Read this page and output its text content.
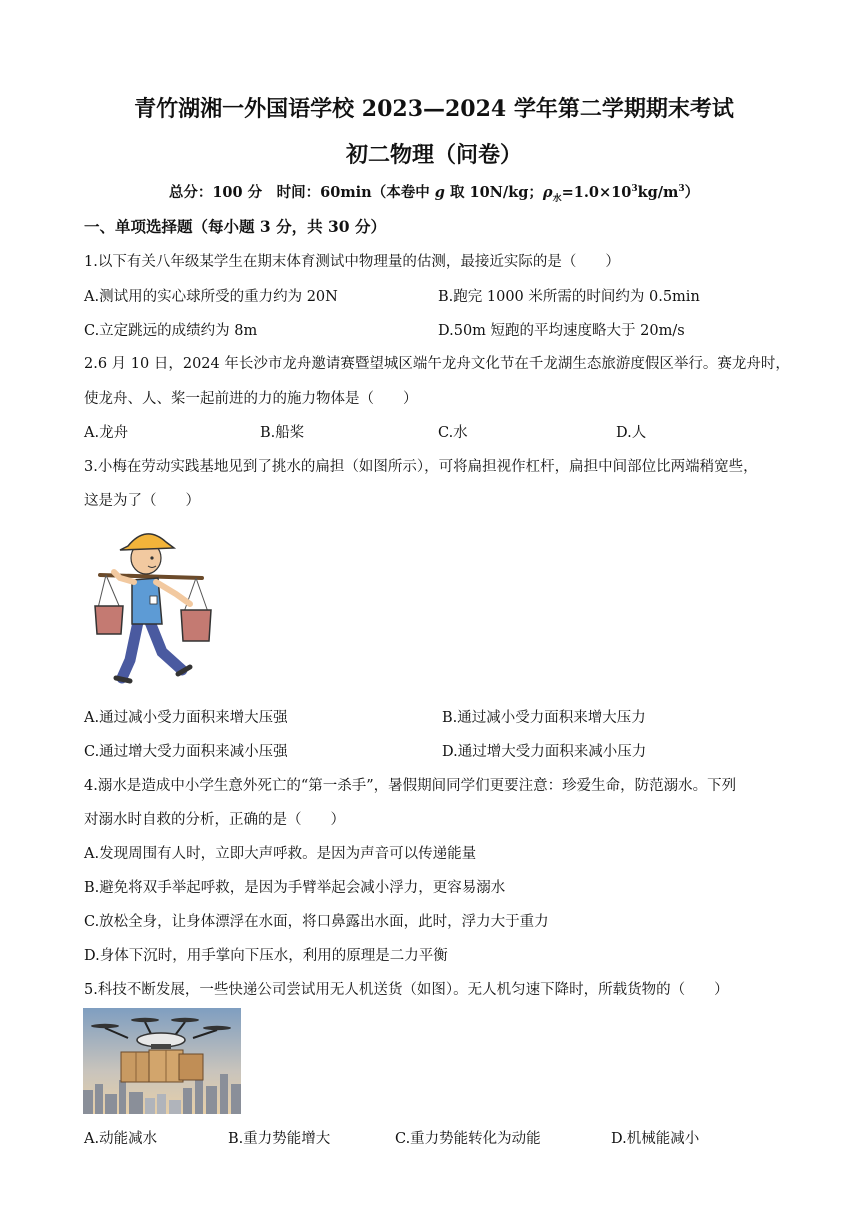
青竹湖湘一外国语学校 2023—2024 学年第二学期期末考试
初二物理（问卷）
总分：100 分　时间：60min（本卷中 g 取 10N/kg；$\rho_水=1.0\times 10^3kg/m^3$）
一、单项选择题（每小题 3 分，共 30 分）
1.以下有关八年级某学生在期末体育测试中物理量的估测，最接近实际的是（　　）
A.测试用的实心球所受的重力约为 20N	B.跑完 1000 米所需的时间约为 0.5min
C.立定跳远的成绩约为 8m	D.50m 短跑的平均速度略大于 20m/s
2.6 月 10 日，2024 年长沙市龙舟邀请赛暨望城区端午龙舟文化节在千龙湖生态旅游度假区举行。赛龙舟时，
使龙舟、人、桨一起前进的力的施力物体是（　　）
A.龙舟	B.船桨	C.水	D.人
3.小梅在劳动实践基地见到了挑水的扁担（如图所示），可将扁担视作杠杆，扁担中间部位比两端稍宽些，
这是为了（　　）
A.通过减小受力面积来增大压强	B.通过减小受力面积来增大压力
C.通过增大受力面积来减小压强	D.通过增大受力面积来减小压力
4.溺水是造成中小学生意外死亡的“第一杀手”，暑假期间同学们更要注意：珍爱生命，防范溺水。下列
对溺水时自救的分析，正确的是（　　）
A.发现周围有人时，立即大声呼救。是因为声音可以传递能量
B.避免将双手举起呼救，是因为手臂举起会减小浮力，更容易溺水
C.放松全身，让身体漂浮在水面，将口鼻露出水面，此时，浮力大于重力
D.身体下沉时，用手掌向下压水，利用的原理是二力平衡
5.科技不断发展，一些快递公司尝试用无人机送货（如图）。无人机匀速下降时，所载货物的（　　）
A.动能减水	B.重力势能增大	C.重力势能转化为动能	D.机械能减小
